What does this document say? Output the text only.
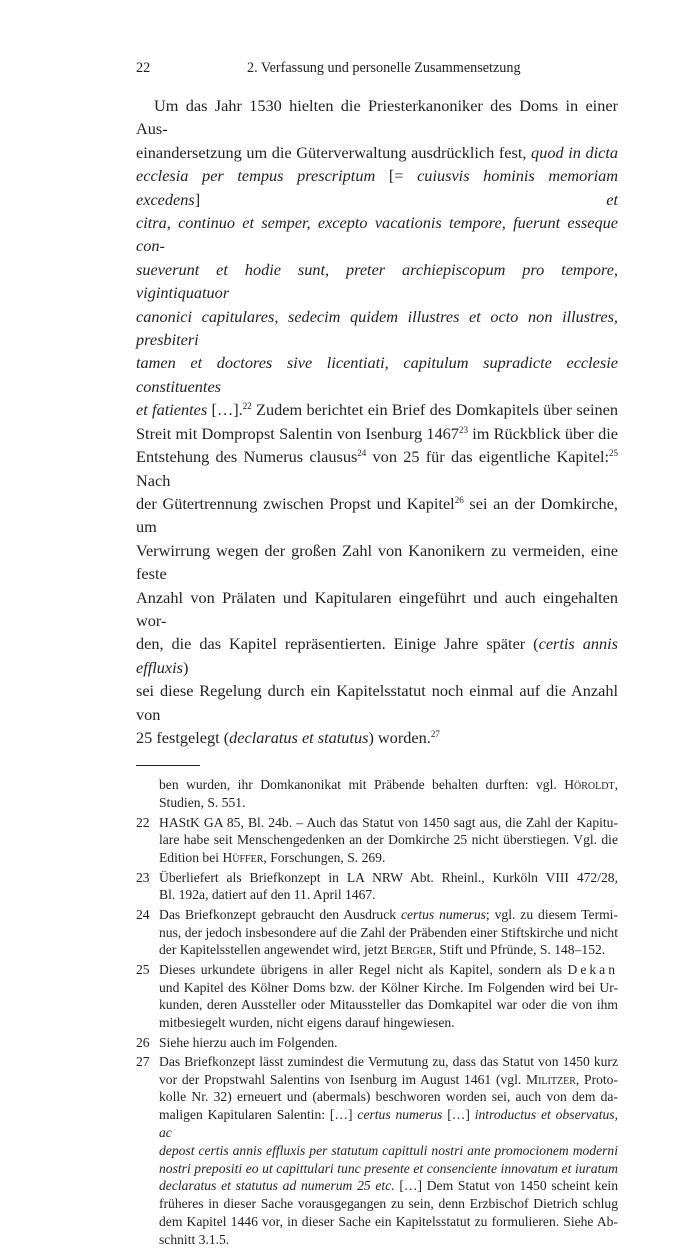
22	2. Verfassung und personelle Zusammensetzung
Um das Jahr 1530 hielten die Priesterkanoniker des Doms in einer Aus-
einandersetzung um die Güterverwaltung ausdrücklich fest, quod in dicta
ecclesia per tempus prescriptum [= cuiusvis hominis memoriam excedens] et
citra, continuo et semper, excepto vacationis tempore, fuerunt esseque con-
sueverunt et hodie sunt, preter archiepiscopum pro tempore, vigintiquatuor
canonici capitulares, sedecim quidem illustres et octo non illustres, presbiteri
tamen et doctores sive licentiati, capitulum supradicte ecclesie constituentes
et fatientes […].$^{22}$ Zudem berichtet ein Brief des Domkapitels über seinen
Streit mit Dompropst Salentin von Isenburg 1467$^{23}$ im Rückblick über die
Entstehung des Numerus clausus$^{24}$ von 25 für das eigentliche Kapitel:$^{25}$ Nach
der Gütertrennung zwischen Propst und Kapitel$^{26}$ sei an der Domkirche, um
Verwirrung wegen der großen Zahl von Kanonikern zu vermeiden, eine feste
Anzahl von Prälaten und Kapitularen eingeführt und auch eingehalten wor-
den, die das Kapitel repräsentierten. Einige Jahre später (certis annis effluxis)
sei diese Regelung durch ein Kapitelsstatut noch einmal auf die Anzahl von
25 festgelegt (declaratus et statutus) worden.$^{27}$
ben wurden, ihr Domkanonikat mit Präbende behalten durften: vgl. Höroldt,
Studien, S. 551.
22 HAStK GA 85, Bl. 24b. – Auch das Statut von 1450 sagt aus, die Zahl der Kapitu-
lare habe seit Menschengedenken an der Domkirche 25 nicht überstiegen. Vgl. die
Edition bei Hüffer, Forschungen, S. 269.
23 Überliefert als Briefkonzept in LA NRW Abt. Rheinl., Kurköln VIII 472/28,
Bl. 192a, datiert auf den 11. April 1467.
24 Das Briefkonzept gebraucht den Ausdruck certus numerus; vgl. zu diesem Termi-
nus, der jedoch insbesondere auf die Zahl der Präbenden einer Stiftskirche und nicht
der Kapitelsstellen angewendet wird, jetzt Berger, Stift und Pfründe, S. 148–152.
25 Dieses urkundete übrigens in aller Regel nicht als Kapitel, sondern als Dekan
und Kapitel des Kölner Doms bzw. der Kölner Kirche. Im Folgenden wird bei Ur-
kunden, deren Aussteller oder Mitaussteller das Domkapitel war oder die von ihm
mitbesiegelt wurden, nicht eigens darauf hingewiesen.
26 Siehe hierzu auch im Folgenden.
27 Das Briefkonzept lässt zumindest die Vermutung zu, dass das Statut von 1450 kurz
vor der Propstwahl Salentins von Isenburg im August 1461 (vgl. Militzer, Proto-
kolle Nr. 32) erneuert und (abermals) beschworen worden sei, auch von dem da-
maligen Kapitularen Salentin: […] certus numerus […] introductus et observatus, ac
depost certis annis effluxis per statutum capittuli nostri ante promocionem moderni
nostri prepositi eo ut capittulari tunc presente et consenciente innovatum et iuratum
declaratus et statutus ad numerum 25 etc. […] Dem Statut von 1450 scheint kein
früheres in dieser Sache vorausgegangen zu sein, denn Erzbischof Dietrich schlug
dem Kapitel 1446 vor, in dieser Sache ein Kapitelsstatut zu formulieren. Siehe Ab-
schnitt 3.1.5.
